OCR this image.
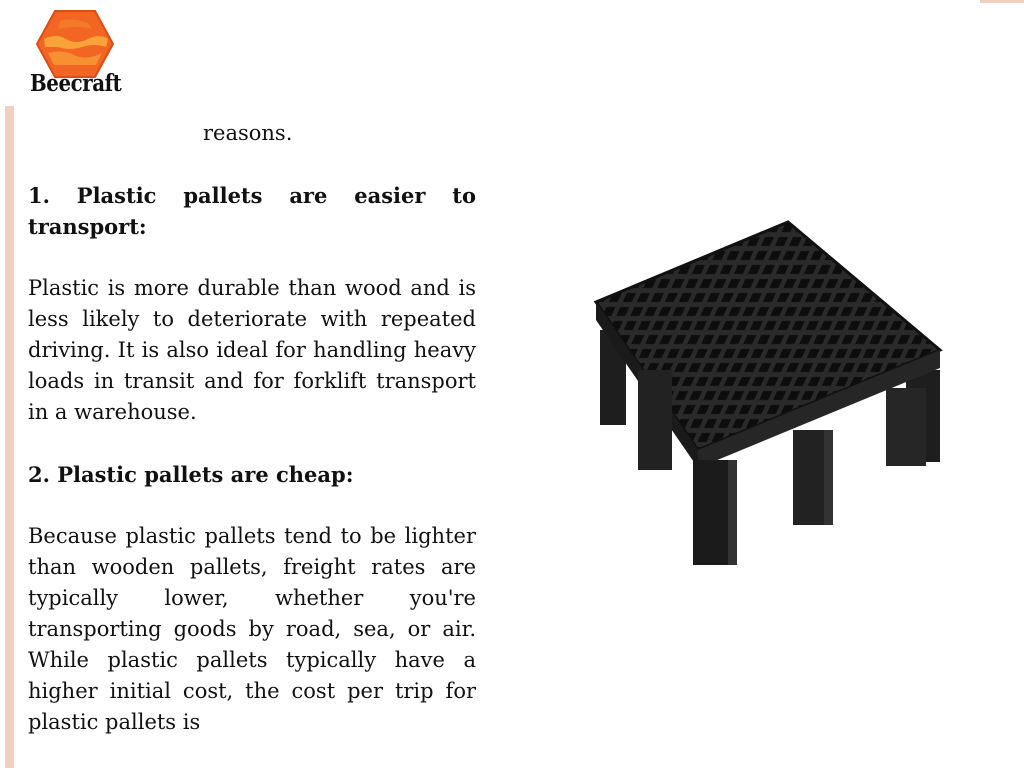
Beecraft

reasons.

1. Plastic pallets are easier to transport:

Plastic is more durable than wood and is less likely to deteriorate with repeated driving. It is also ideal for handling heavy loads in transit and for forklift transport in a warehouse.

2. Plastic pallets are cheap:

Because plastic pallets tend to be lighter than wooden pallets, freight rates are typically lower, whether you're transporting goods by road, sea, or air. While plastic pallets typically have a higher initial cost, the cost per trip for plastic pallets is
